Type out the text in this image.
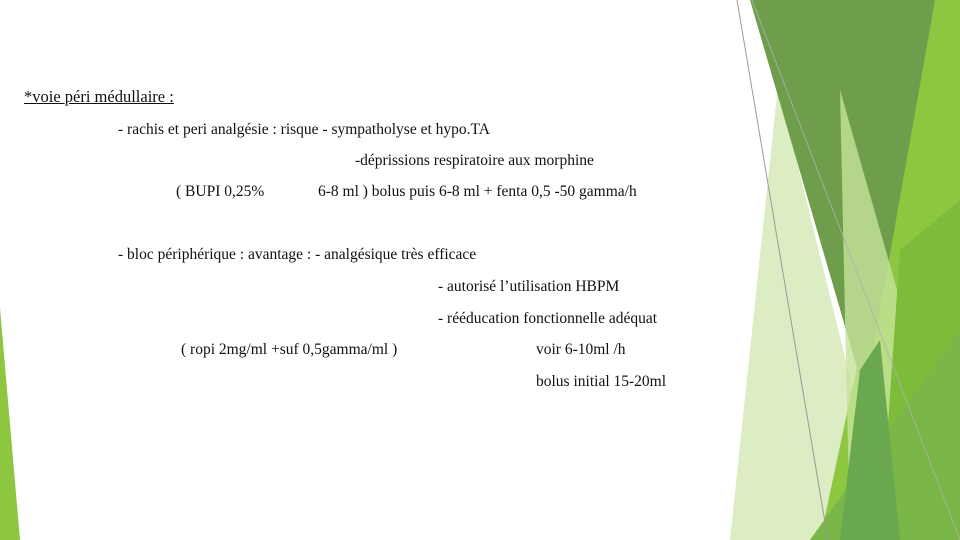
*voie péri médullaire :
- rachis et peri analgésie : risque - sympatholyse et hypo.TA
-déprissions respiratoire aux morphine
( BUPI 0,25%	6-8 ml ) bolus puis 6-8 ml + fenta 0,5 -50 gamma/h
- bloc périphérique : avantage : - analgésique très efficace
- autorisé l’utilisation HBPM
- rééducation fonctionnelle adéquat
( ropi 2mg/ml +suf 0,5gamma/ml )	voir 6-10ml /h
bolus initial 15-20ml
